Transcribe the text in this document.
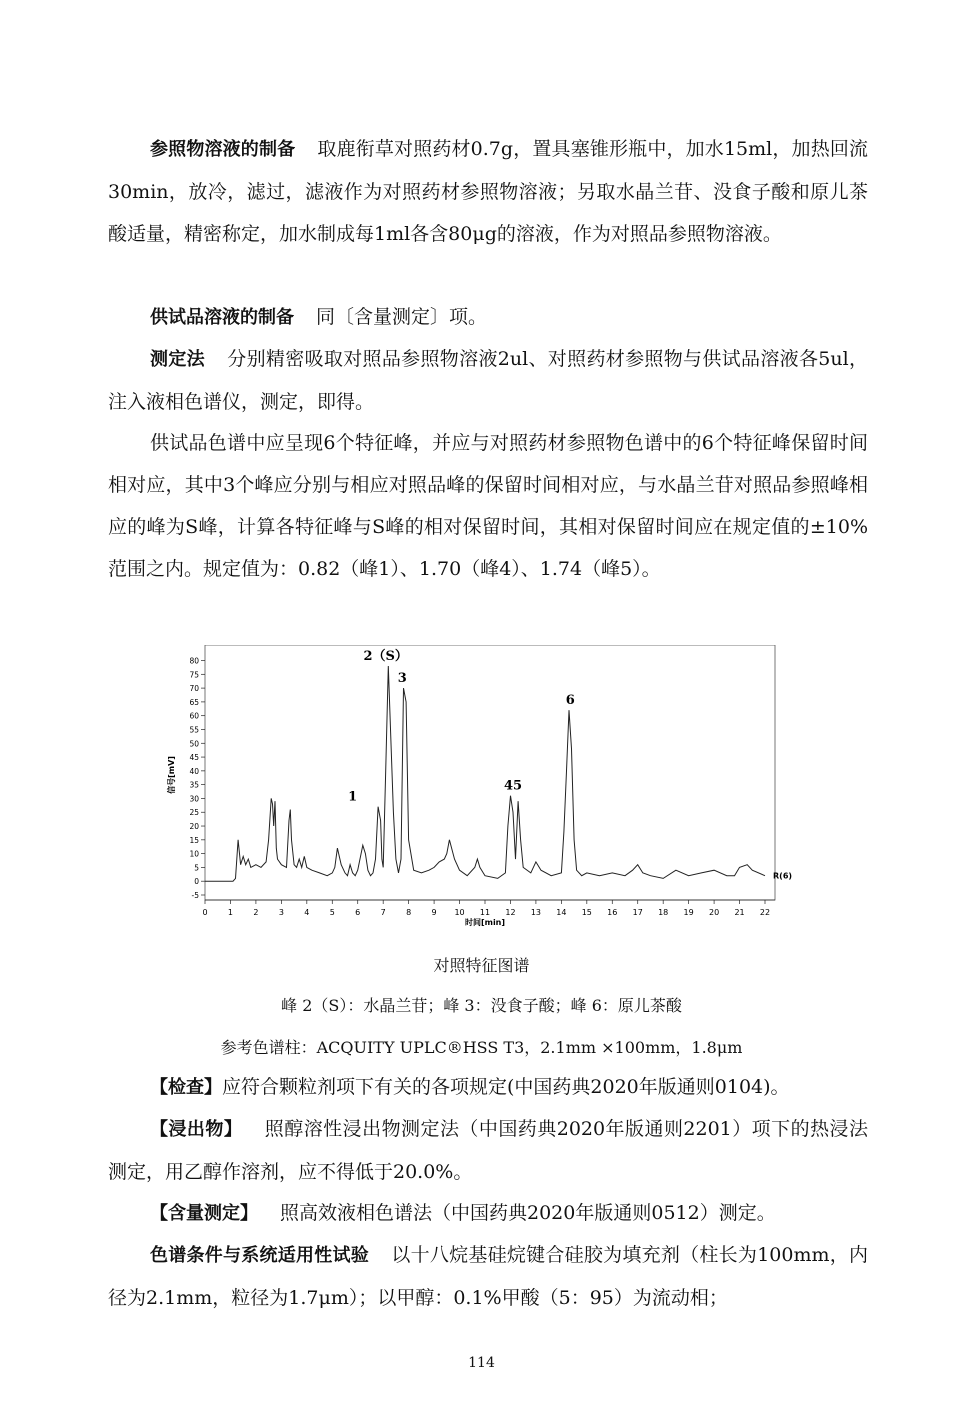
参照物溶液的制备 取鹿衔草对照药材0.7g，置具塞锥形瓶中，加水15ml，加热回流30min，放冷，滤过，滤液作为对照药材参照物溶液；另取水晶兰苷、没食子酸和原儿茶酸适量，精密称定，加水制成每1ml各含80μg的溶液，作为对照品参照物溶液。

供试品溶液的制备 同〔含量测定〕项。

测定法 分别精密吸取对照品参照物溶液2ul、对照药材参照物与供试品溶液各5ul，注入液相色谱仪，测定，即得。

供试品色谱中应呈现6个特征峰，并应与对照药材参照物色谱中的6个特征峰保留时间相对应，其中3个峰应分别与相应对照品峰的保留时间相对应，与水晶兰苷对照品参照峰相应的峰为S峰，计算各特征峰与S峰的相对保留时间，其相对保留时间应在规定值的±10%范围之内。规定值为：0.82（峰1）、1.70（峰4）、1.74（峰5）。

0	1	2	3	4	5	6	7	8	9 10 11 12 13 14 15 16 17 18 19 20 21 22
-5
0
5
10
15
20
25
30
35
40
45
50
55
60
65
70
75
80
时间[min]
信号[mV]
R(6)
1
2（S）
3
45
6
对照特征图谱
峰 2（S）：水晶兰苷；峰 3：没食子酸；峰 6：原儿茶酸
参考色谱柱：ACQUITY UPLC®HSS T3，2.1mm ×100mm，1.8μm

【检查】应符合颗粒剂项下有关的各项规定(中国药典2020年版通则0104)。

【浸出物】 照醇溶性浸出物测定法（中国药典2020年版通则2201）项下的热浸法测定，用乙醇作溶剂，应不得低于20.0%。

【含量测定】 照高效液相色谱法（中国药典2020年版通则0512）测定。

色谱条件与系统适用性试验 以十八烷基硅烷键合硅胶为填充剂（柱长为100mm，内径为2.1mm，粒径为1.7μm）；以甲醇：0.1%甲酸（5：95）为流动相；

114
